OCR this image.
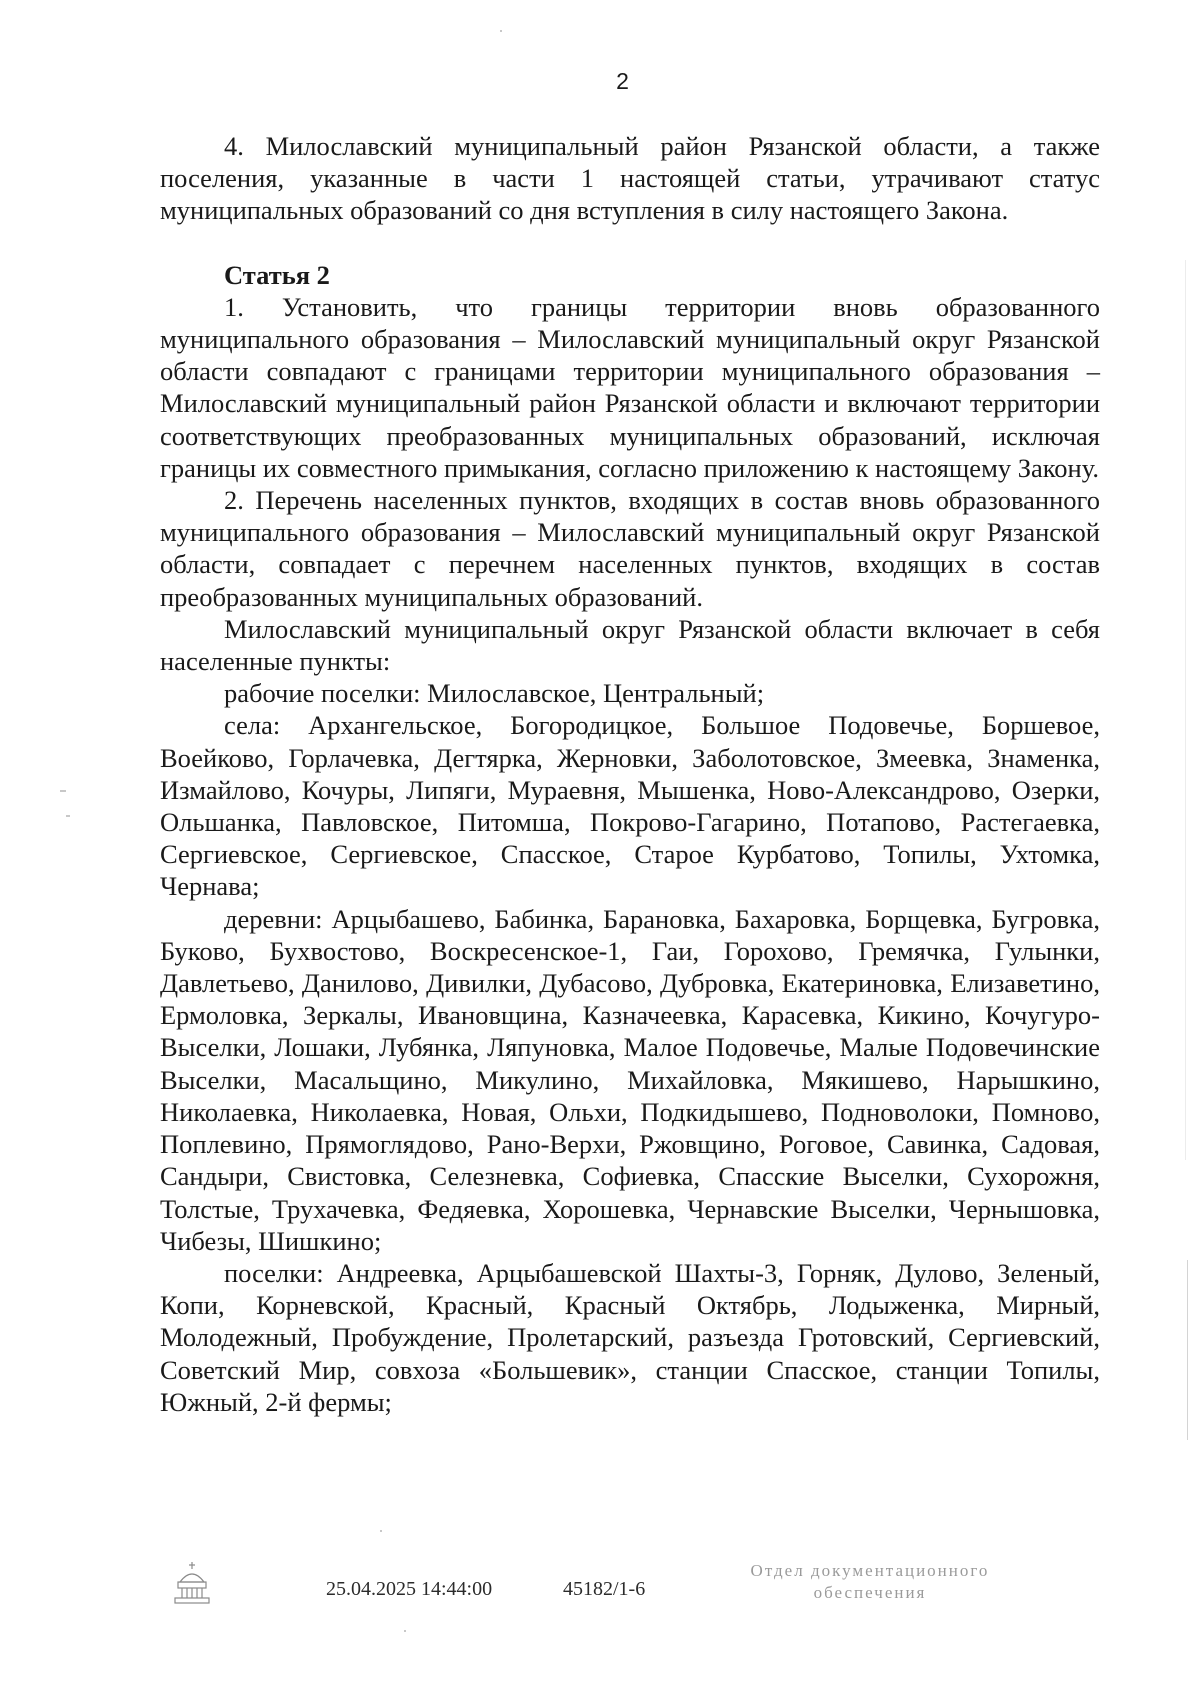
2

4. Милославский муниципальный район Рязанской области, а также поселения, указанные в части 1 настоящей статьи, утрачивают статус муниципальных образований со дня вступления в силу настоящего Закона.

Статья 2

1. Установить, что границы территории вновь образованного муниципального образования – Милославский муниципальный округ Рязанской области совпадают с границами территории муниципального образования – Милославский муниципальный район Рязанской области и включают территории соответствующих преобразованных муниципальных образований, исключая границы их совместного примыкания, согласно приложению к настоящему Закону.

2. Перечень населенных пунктов, входящих в состав вновь образованного муниципального образования – Милославский муниципальный округ Рязанской области, совпадает с перечнем населенных пунктов, входящих в состав преобразованных муниципальных образований.

Милославский муниципальный округ Рязанской области включает в себя населенные пункты:

рабочие поселки: Милославское, Центральный;

села: Архангельское, Богородицкое, Большое Подовечье, Боршевое, Воейково, Горлачевка, Дегтярка, Жерновки, Заболотовское, Змеевка, Знаменка, Измайлово, Кочуры, Липяги, Мураевня, Мышенка, Ново-Александрово, Озерки, Ольшанка, Павловское, Питомша, Покрово-Гагарино, Потапово, Растегаевка, Сергиевское, Сергиевское, Спасское, Старое Курбатово, Топилы, Ухтомка, Чернава;

деревни: Арцыбашево, Бабинка, Барановка, Бахаровка, Борщевка, Бугровка, Буково, Бухвостово, Воскресенское-1, Гаи, Горохово, Гремячка, Гулынки, Давлетьево, Данилово, Дивилки, Дубасово, Дубровка, Екатериновка, Елизаветино, Ермоловка, Зеркалы, Ивановщина, Казначеевка, Карасевка, Кикино, Кочугуро-Выселки, Лошаки, Лубянка, Ляпуновка, Малое Подовечье, Малые Подовечинские Выселки, Масальщино, Микулино, Михайловка, Мякишево, Нарышкино, Николаевка, Николаевка, Новая, Ольхи, Подкидышево, Подноволоки, Помново, Поплевино, Прямоглядово, Рано-Верхи, Ржовщино, Роговое, Савинка, Садовая, Сандыри, Свистовка, Селезневка, Софиевка, Спасские Выселки, Сухорожня, Толстые, Трухачевка, Федяевка, Хорошевка, Чернавские Выселки, Чернышовка, Чибезы, Шишкино;

поселки: Андреевка, Арцыбашевской Шахты-3, Горняк, Дулово, Зеленый, Копи, Корневской, Красный, Красный Октябрь, Лодыженка, Мирный, Молодежный, Пробуждение, Пролетарский, разъезда Гротовский, Сергиевский, Советский Мир, совхоза «Большевик», станции Спасское, станции Топилы, Южный, 2-й фермы;

25.04.2025 14:44:00	45182/1-6
Отдел документационного
обеспечения
